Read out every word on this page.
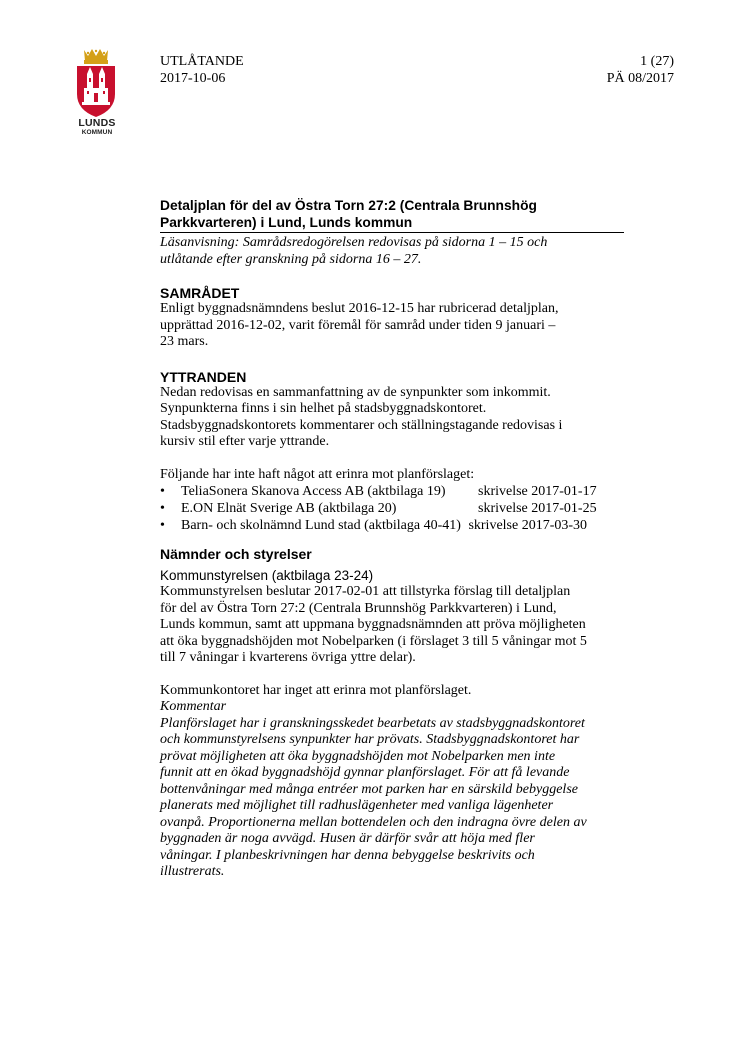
LUNDS
KOMMUN
UTLÅTANDE
2017-10-06
1 (27)
PÄ 08/2017
Detaljplan för del av Östra Torn 27:2 (Centrala Brunnshög
Parkkvarteren) i Lund, Lunds kommun
Läsanvisning: Samrådsredogörelsen redovisas på sidorna 1 – 15 och
utlåtande efter granskning på sidorna 16 – 27.
SAMRÅDET

Enligt byggnadsnämndens beslut 2016-12-15 har rubricerad detaljplan,
upprättad 2016-12-02, varit föremål för samråd under tiden 9 januari –
23 mars.

YTTRANDEN

Nedan redovisas en sammanfattning av de synpunkter som inkommit.
Synpunkterna finns i sin helhet på stadsbyggnadskontoret.
Stadsbyggnadskontorets kommentarer och ställningstagande redovisas i
kursiv stil efter varje yttrande.

Följande har inte haft något att erinra mot planförslaget:

• TeliaSonera Skanova Access AB (aktbilaga 19) skrivelse 2017-01-17
• E.ON Elnät Sverige AB (aktbilaga 20)	skrivelse 2017-01-25
• Barn- och skolnämnd Lund stad (aktbilaga 40-41) skrivelse 2017-03-30
Nämnder och styrelser
Kommunstyrelsen (aktbilaga 23-24)

Kommunstyrelsen beslutar 2017-02-01 att tillstyrka förslag till detaljplan
för del av Östra Torn 27:2 (Centrala Brunnshög Parkkvarteren) i Lund,
Lunds kommun, samt att uppmana byggnadsnämnden att pröva möjligheten
att öka byggnadshöjden mot Nobelparken (i förslaget 3 till 5 våningar mot 5
till 7 våningar i kvarterens övriga yttre delar).

Kommunkontoret har inget att erinra mot planförslaget.

Kommentar

Planförslaget har i granskningsskedet bearbetats av stadsbyggnadskontoret
och kommunstyrelsens synpunkter har prövats. Stadsbyggnadskontoret har
prövat möjligheten att öka byggnadshöjden mot Nobelparken men inte
funnit att en ökad byggnadshöjd gynnar planförslaget. För att få levande
bottenvåningar med många entréer mot parken har en särskild bebyggelse
planerats med möjlighet till radhuslägenheter med vanliga lägenheter
ovanpå. Proportionerna mellan bottendelen och den indragna övre delen av
byggnaden är noga avvägd. Husen är därför svår att höja med fler
våningar. I planbeskrivningen har denna bebyggelse beskrivits och
illustrerats.
